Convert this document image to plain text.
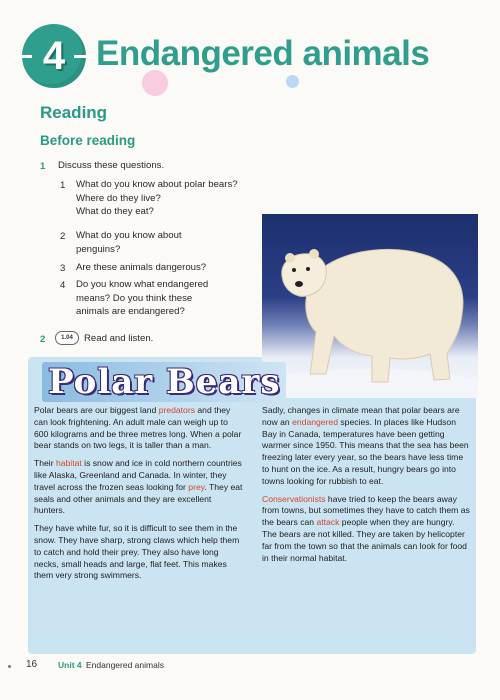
4 Endangered animals
Reading
Before reading
1 Discuss these questions.
1 What do you know about polar bears?
Where do they live?
What do they eat?
2 What do you know about
penguins?
3 Are these animals dangerous?
4 Do you know what endangered
means? Do you think these
animals are endangered?
2	1.04	Read and listen.
Polar Bears

Polar bears are our biggest land predators and they can look frightening. An adult male can weigh up to 600 kilograms and be three metres long. When a polar bear stands on two legs, it is taller than a man.

Their habitat is snow and ice in cold northern countries like Alaska, Greenland and Canada. In winter, they travel across the frozen seas looking for prey. They eat seals and other animals and they are excellent hunters.

They have white fur, so it is difficult to see them in the snow. They have sharp, strong claws which help them to catch and hold their prey. They also have long necks, small heads and large, flat feet. This makes them very strong swimmers.

Sadly, changes in climate mean that polar bears are now an endangered species. In places like Hudson Bay in Canada, temperatures have been getting warmer since 1950. This means that the sea has been freezing later every year, so the bears have less time to hunt on the ice. As a result, hungry bears go into towns looking for rubbish to eat.

Conservationists have tried to keep the bears away from towns, but sometimes they have to catch them as the bears can attack people when they are hungry. The bears are not killed. They are taken by helicopter far from the town so that the animals can look for food in their normal habitat.

16 Unit 4 Endangered animals
